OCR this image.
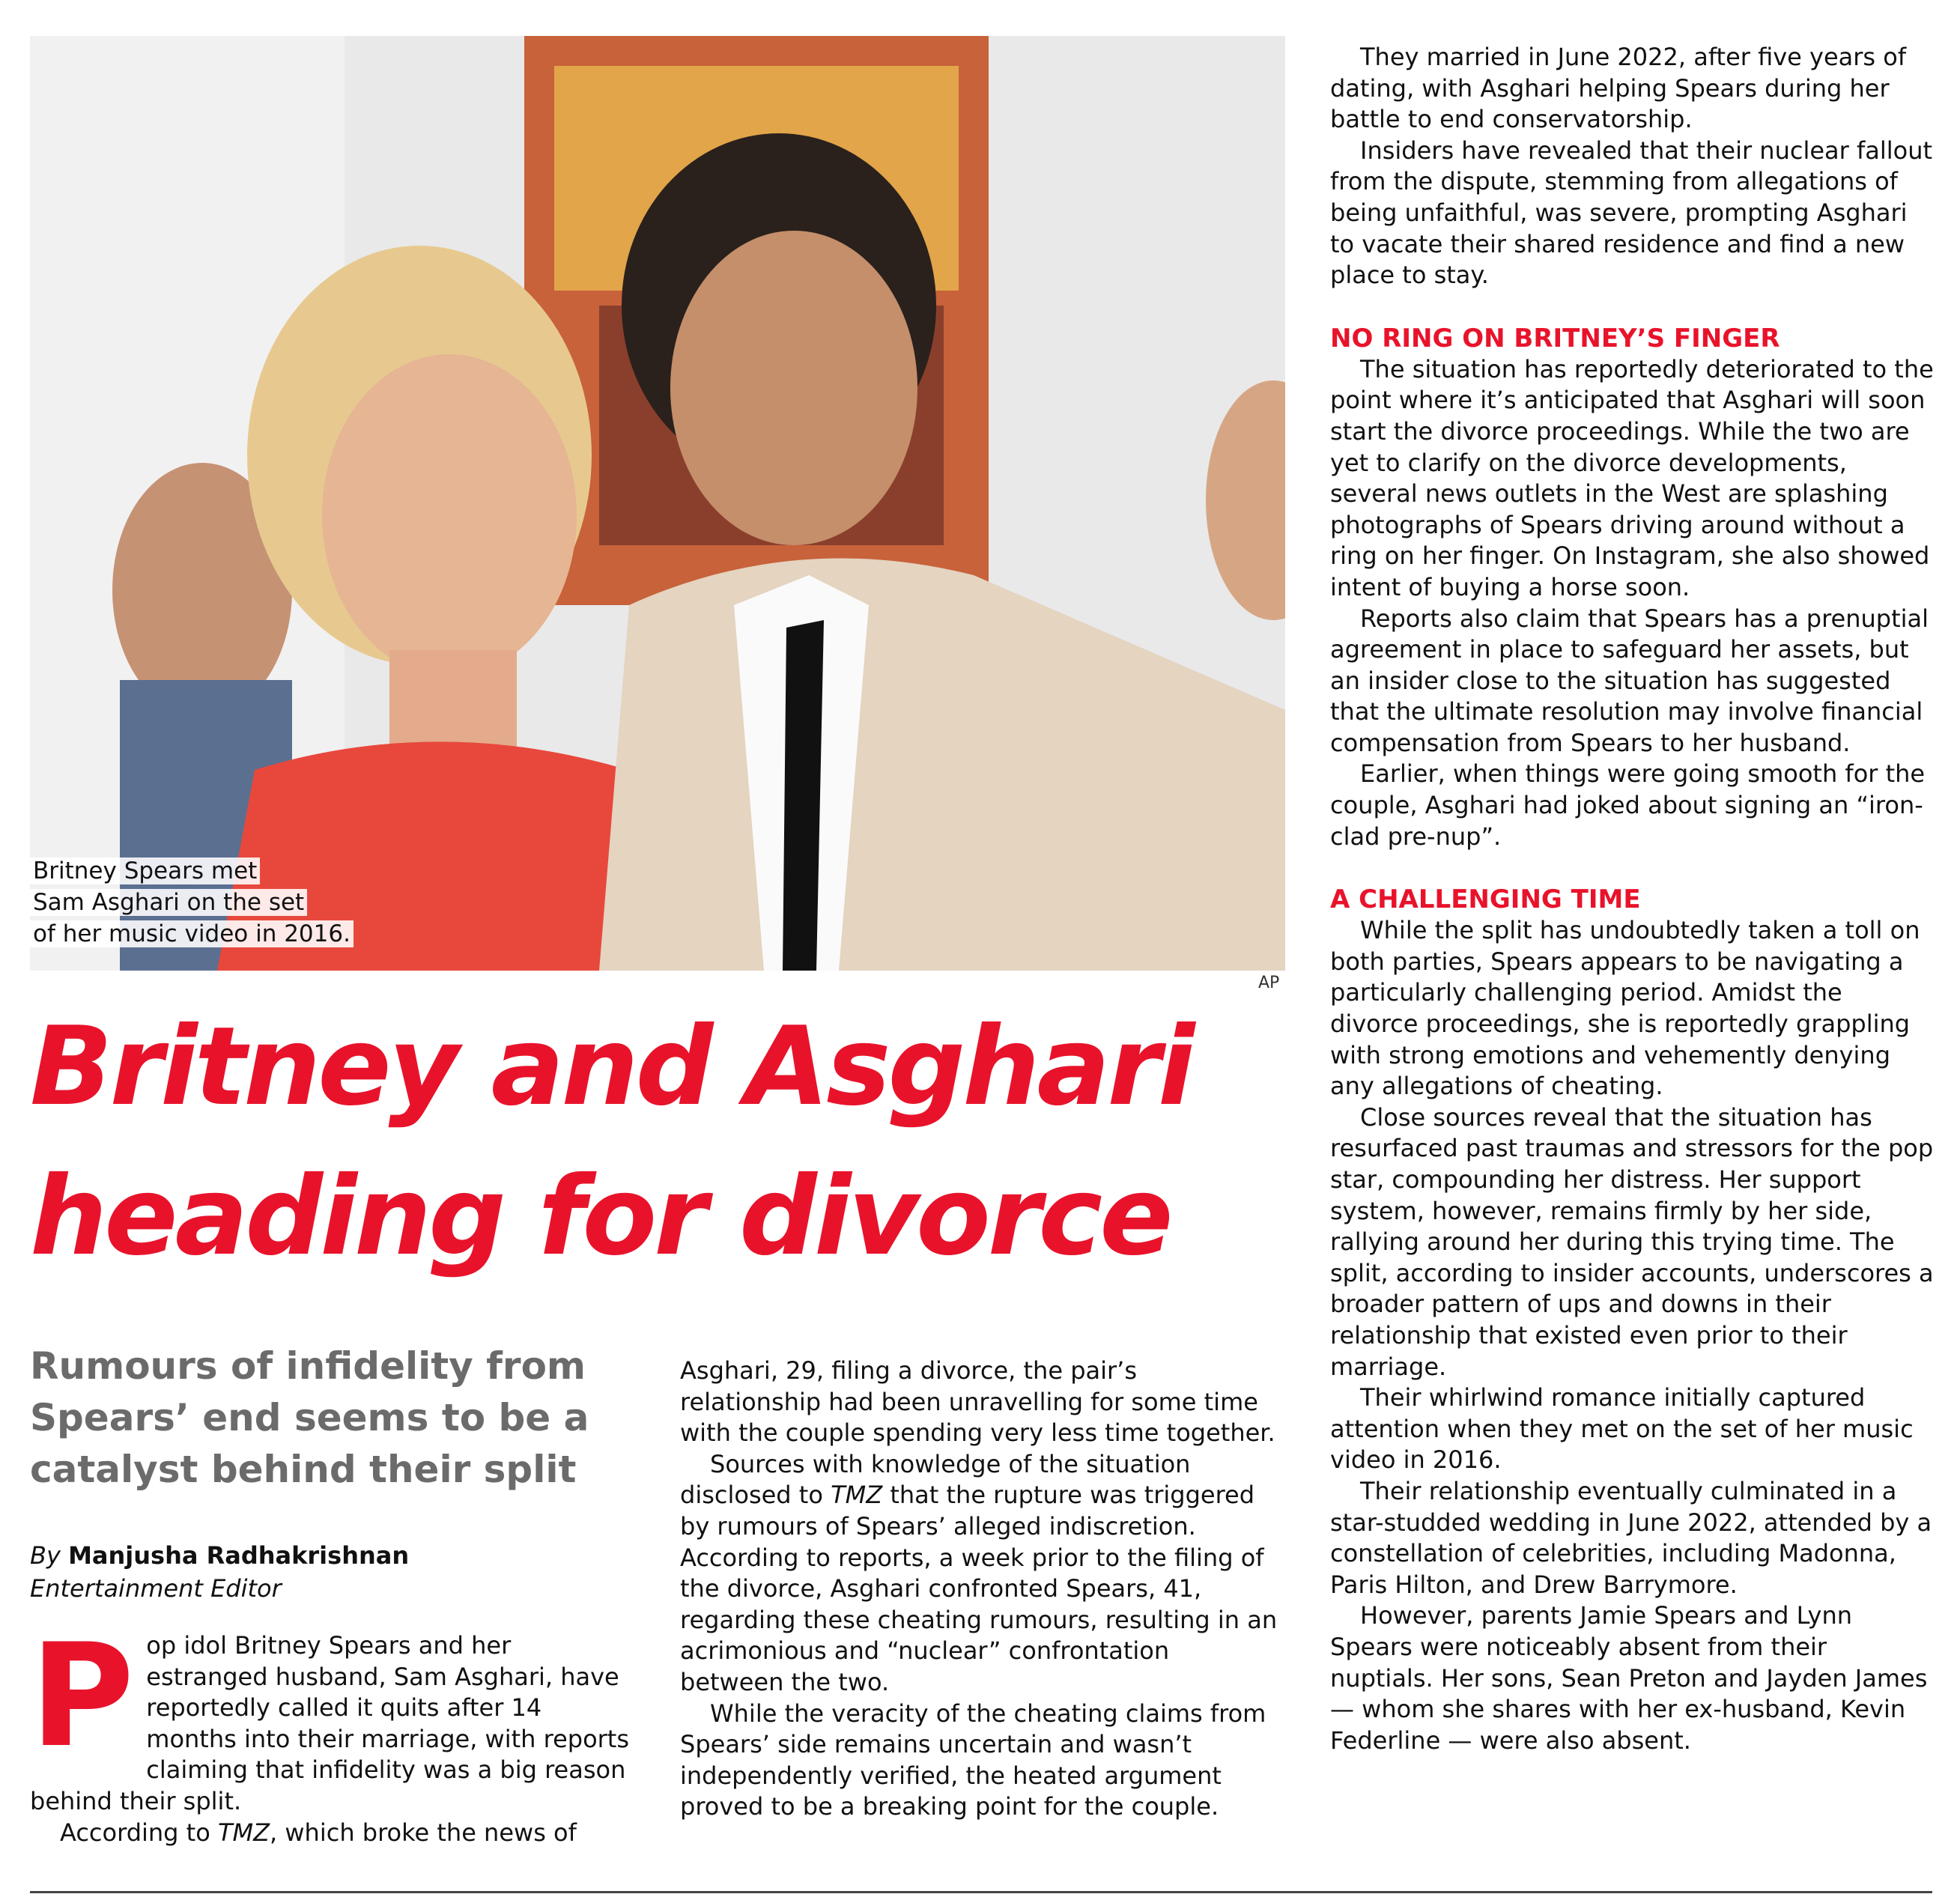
Britney Spears met
Sam Asghari on the set
of her music video in 2016.
AP
Britney and Asghari
heading for divorce
Rumours of infidelity from
Spears’ end seems to be a
catalyst behind their split
By Manjusha Radhakrishnan
Entertainment Editor
P op idol Britney Spears and her estranged husband, Sam Asghari, have reportedly called it quits after 14 months into their marriage, with reports claiming that infidelity was a big reason behind their split.

According to TMZ, which broke the news of

Asghari, 29, filing a divorce, the pair’s relationship had been unravelling for some time with the couple spending very less time together.

Sources with knowledge of the situation disclosed to TMZ that the rupture was triggered by rumours of Spears’ alleged indiscretion. According to reports, a week prior to the filing of the divorce, Asghari confronted Spears, 41, regarding these cheating rumours, resulting in an acrimonious and “nuclear” confrontation between the two.

While the veracity of the cheating claims from Spears’ side remains uncertain and wasn’t independently verified, the heated argument proved to be a breaking point for the couple.

They married in June 2022, after five years of dating, with Asghari helping Spears during her battle to end conservatorship.

Insiders have revealed that their nuclear fallout from the dispute, stemming from allegations of being unfaithful, was severe, prompting Asghari to vacate their shared residence and find a new place to stay.

NO RING ON BRITNEY’S FINGER

The situation has reportedly deteriorated to the point where it’s anticipated that Asghari will soon start the divorce proceedings. While the two are yet to clarify on the divorce developments, several news outlets in the West are splashing photographs of Spears driving around without a ring on her finger. On Instagram, she also showed intent of buying a horse soon.

Reports also claim that Spears has a prenuptial agreement in place to safeguard her assets, but an insider close to the situation has suggested that the ultimate resolution may involve financial compensation from Spears to her husband.

Earlier, when things were going smooth for the couple, Asghari had joked about signing an “iron-clad pre-nup”.

A CHALLENGING TIME

While the split has undoubtedly taken a toll on both parties, Spears appears to be navigating a particularly challenging period. Amidst the divorce proceedings, she is reportedly grappling with strong emotions and vehemently denying any allegations of cheating.

Close sources reveal that the situation has resurfaced past traumas and stressors for the pop star, compounding her distress. Her support system, however, remains firmly by her side, rallying around her during this trying time. The split, according to insider accounts, underscores a broader pattern of ups and downs in their relationship that existed even prior to their marriage.

Their whirlwind romance initially captured attention when they met on the set of her music video in 2016.

Their relationship eventually culminated in a star-studded wedding in June 2022, attended by a constellation of celebrities, including Madonna, Paris Hilton, and Drew Barrymore.

However, parents Jamie Spears and Lynn Spears were noticeably absent from their nuptials. Her sons, Sean Preton and Jayden James — whom she shares with her ex-husband, Kevin Federline — were also absent.
